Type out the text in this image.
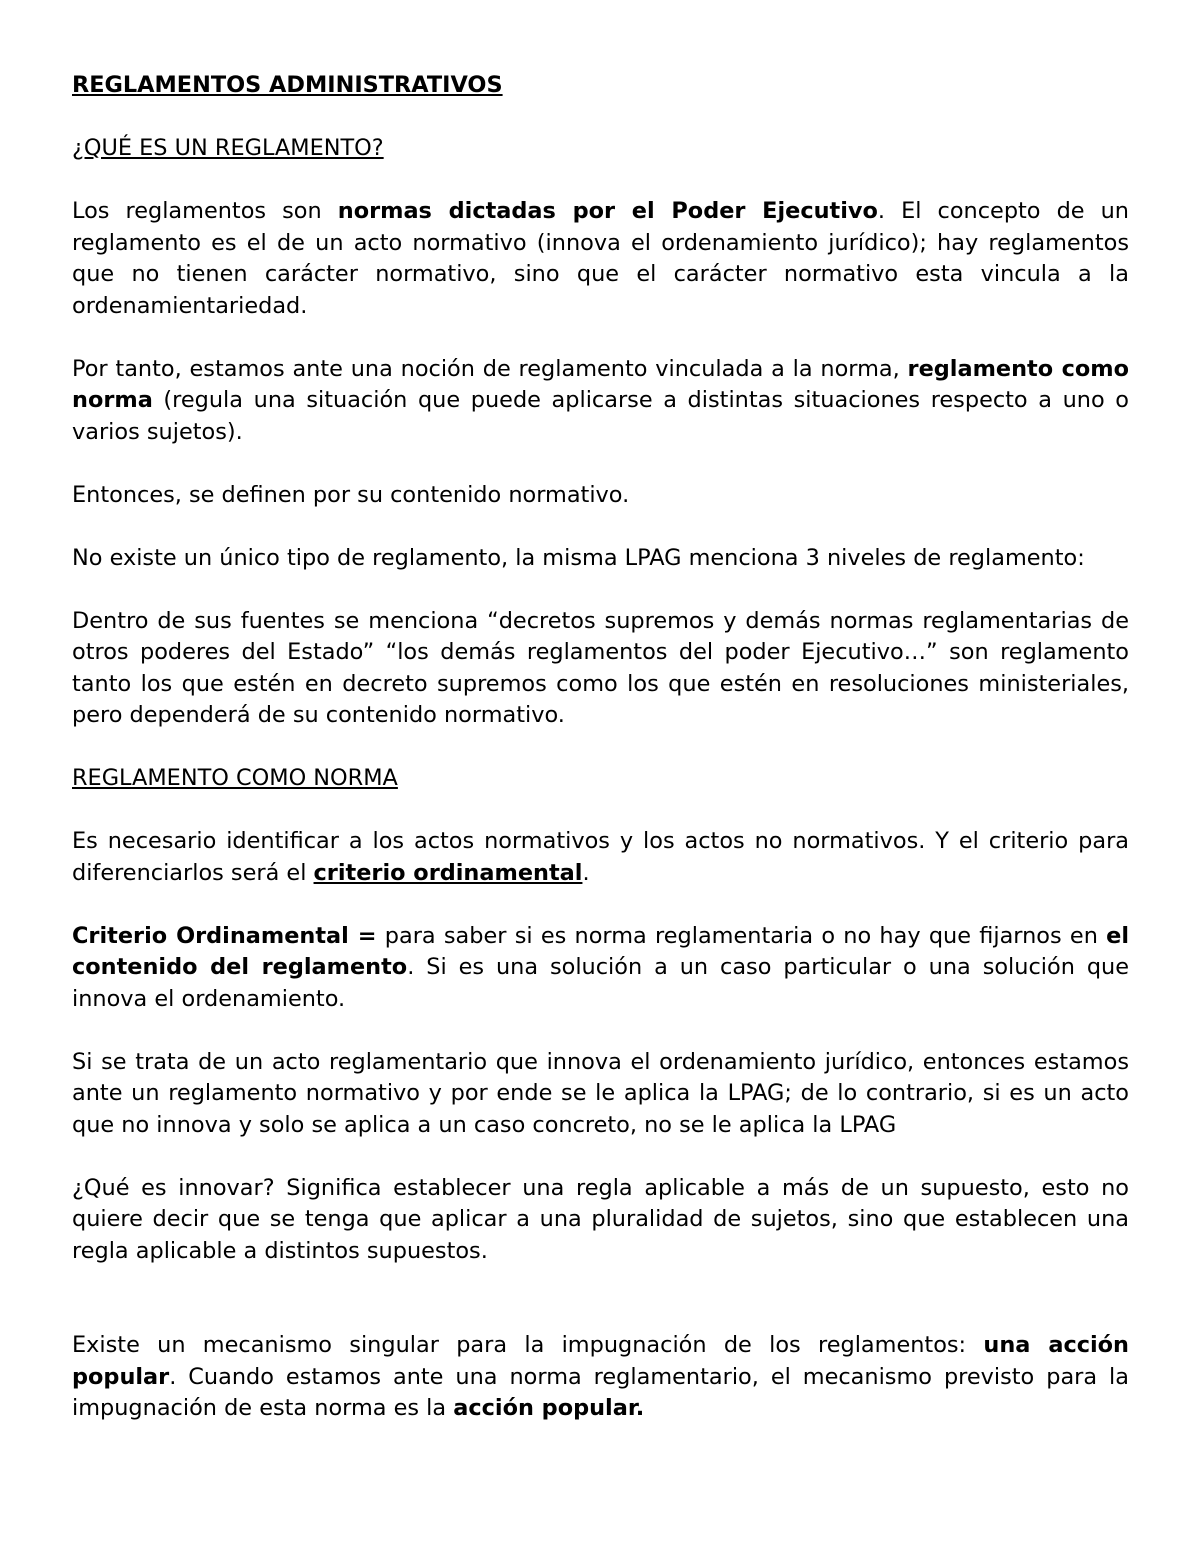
REGLAMENTOS ADMINISTRATIVOS

¿QUÉ ES UN REGLAMENTO?

Los reglamentos son normas dictadas por el Poder Ejecutivo. El concepto de un reglamento es el de un acto normativo (innova el ordenamiento jurídico); hay reglamentos que no tienen carácter normativo, sino que el carácter normativo esta vincula a la ordenamientariedad.

Por tanto, estamos ante una noción de reglamento vinculada a la norma, reglamento como norma (regula una situación que puede aplicarse a distintas situaciones respecto a uno o varios sujetos).

Entonces, se definen por su contenido normativo.

No existe un único tipo de reglamento, la misma LPAG menciona 3 niveles de reglamento:

Dentro de sus fuentes se menciona “decretos supremos y demás normas reglamentarias de otros poderes del Estado” “los demás reglamentos del poder Ejecutivo…” son reglamento tanto los que estén en decreto supremos como los que estén en resoluciones ministeriales, pero dependerá de su contenido normativo.

REGLAMENTO COMO NORMA

Es necesario identificar a los actos normativos y los actos no normativos. Y el criterio para diferenciarlos será el criterio ordinamental.

Criterio Ordinamental = para saber si es norma reglamentaria o no hay que fijarnos en el contenido del reglamento. Si es una solución a un caso particular o una solución que innova el ordenamiento.

Si se trata de un acto reglamentario que innova el ordenamiento jurídico, entonces estamos ante un reglamento normativo y por ende se le aplica la LPAG; de lo contrario, si es un acto que no innova y solo se aplica a un caso concreto, no se le aplica la LPAG

¿Qué es innovar? Significa establecer una regla aplicable a más de un supuesto, esto no quiere decir que se tenga que aplicar a una pluralidad de sujetos, sino que establecen una regla aplicable a distintos supuestos.

Existe un mecanismo singular para la impugnación de los reglamentos: una acción popular. Cuando estamos ante una norma reglamentario, el mecanismo previsto para la impugnación de esta norma es la acción popular.
